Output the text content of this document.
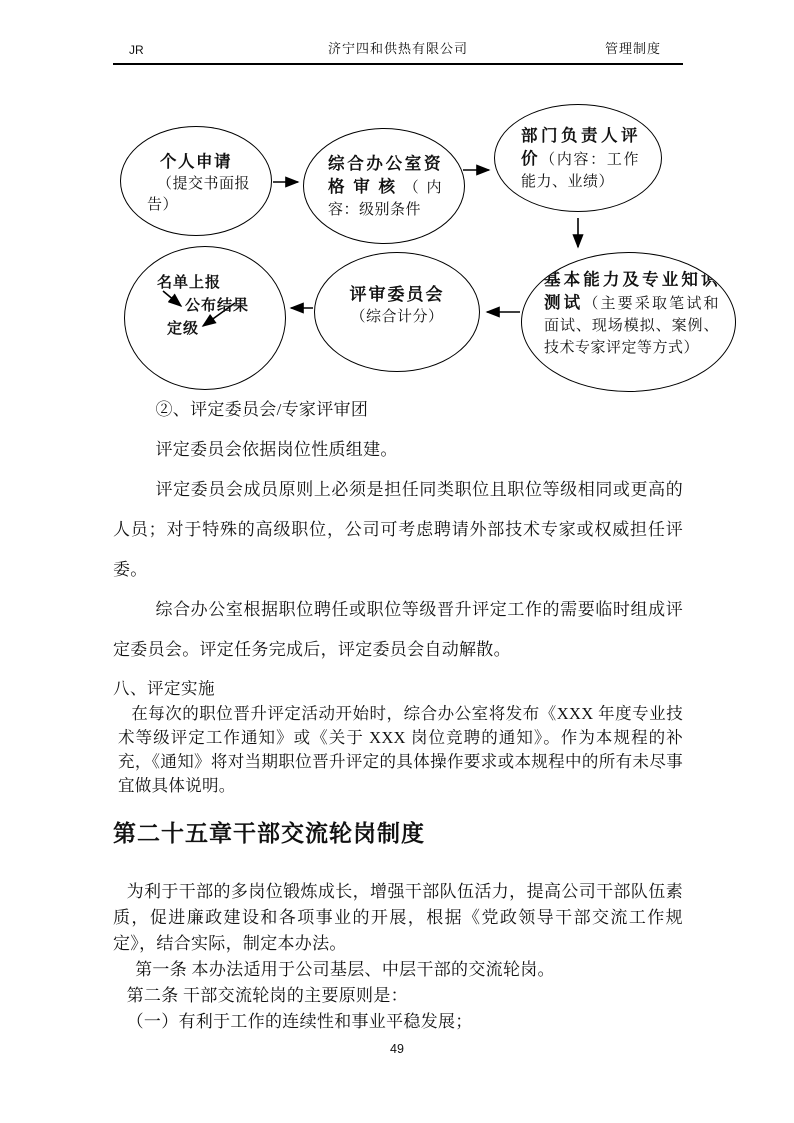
JR	济宁四和供热有限公司	管理制度
个人申请
（提交书面报告）
综合办公室资格审核（内容：级别条件
部门负责人评价（内容：工作能力、业绩）
基本能力及专业知识测试（主要采取笔试和面试、现场模拟、案例、技术专家评定等方式）
评审委员会
（综合计分）
名单上报
公布结果
定级

②、评定委员会/专家评审团

评定委员会依据岗位性质组建。

评定委员会成员原则上必须是担任同类职位且职位等级相同或更高的人员；对于特殊的高级职位，公司可考虑聘请外部技术专家或权威担任评委。

综合办公室根据职位聘任或职位等级晋升评定工作的需要临时组成评定委员会。评定任务完成后，评定委员会自动解散。

八、评定实施

在每次的职位晋升评定活动开始时，综合办公室将发布《XXX 年度专业技术等级评定工作通知》或《关于 XXX 岗位竞聘的通知》。作为本规程的补充，《通知》将对当期职位晋升评定的具体操作要求或本规程中的所有未尽事宜做具体说明。

第二十五章干部交流轮岗制度

为利于干部的多岗位锻炼成长，增强干部队伍活力，提高公司干部队伍素质，促进廉政建设和各项事业的开展，根据《党政领导干部交流工作规定》，结合实际，制定本办法。

第一条 本办法适用于公司基层、中层干部的交流轮岗。

第二条 干部交流轮岗的主要原则是：

（一）有利于工作的连续性和事业平稳发展；

49
